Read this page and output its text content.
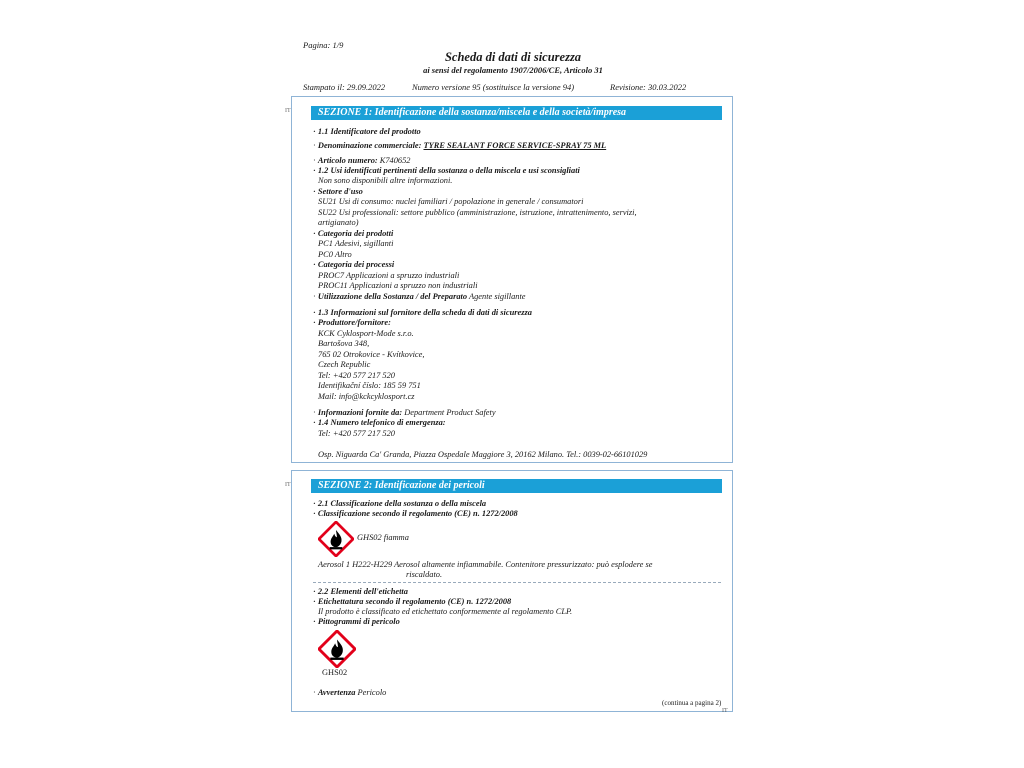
Pagina: 1/9
Scheda di dati di sicurezza
ai sensi del regolamento 1907/2006/CE, Articolo 31
Stampato il: 29.09.2022	Numero versione 95 (sostituisce la versione 94)	Revisione: 30.03.2022
IT	SEZIONE 1: Identificazione della sostanza/miscela e della società/impresa
· 1.1 Identificatore del prodotto
· Denominazione commerciale: TYRE SEALANT FORCE SERVICE-SPRAY 75 ML
· Articolo numero: K740652
· 1.2 Usi identificati pertinenti della sostanza o della miscela e usi sconsigliati
Non sono disponibili altre informazioni.
· Settore d'uso
SU21 Usi di consumo: nuclei familiari / popolazione in generale / consumatori
SU22 Usi professionali: settore pubblico (amministrazione, istruzione, intrattenimento, servizi,
artigianato)
· Categoria dei prodotti
PC1 Adesivi, sigillanti
PC0 Altro
· Categoria dei processi
PROC7 Applicazioni a spruzzo industriali
PROC11 Applicazioni a spruzzo non industriali
· Utilizzazione della Sostanza / del Preparato Agente sigillante
· 1.3 Informazioni sul fornitore della scheda di dati di sicurezza
· Produttore/fornitore:
KCK Cyklosport-Mode s.r.o.
Bartošova 348,
765 02 Otrokovice - Kvítkovice,
Czech Republic
Tel: +420 577 217 520
Identifikační číslo: 185 59 751
Mail: info@kckcyklosport.cz
· Informazioni fornite da: Department Product Safety
· 1.4 Numero telefonico di emergenza:
Tel: +420 577 217 520
Osp. Niguarda Ca' Granda, Piazza Ospedale Maggiore 3, 20162 Milano. Tel.: 0039-02-66101029
IT	SEZIONE 2: Identificazione dei pericoli
· 2.1 Classificazione della sostanza o della miscela
· Classificazione secondo il regolamento (CE) n. 1272/2008
GHS02 fiamma
Aerosol 1 H222-H229 Aerosol altamente infiammabile. Contenitore pressurizzato: può esplodere se
riscaldato.
· 2.2 Elementi dell'etichetta
· Etichettatura secondo il regolamento (CE) n. 1272/2008
Il prodotto è classificato ed etichettato conformemente al regolamento CLP.
· Pittogrammi di pericolo
GHS02
· Avvertenza Pericolo
(continua a pagina 2)
IT
